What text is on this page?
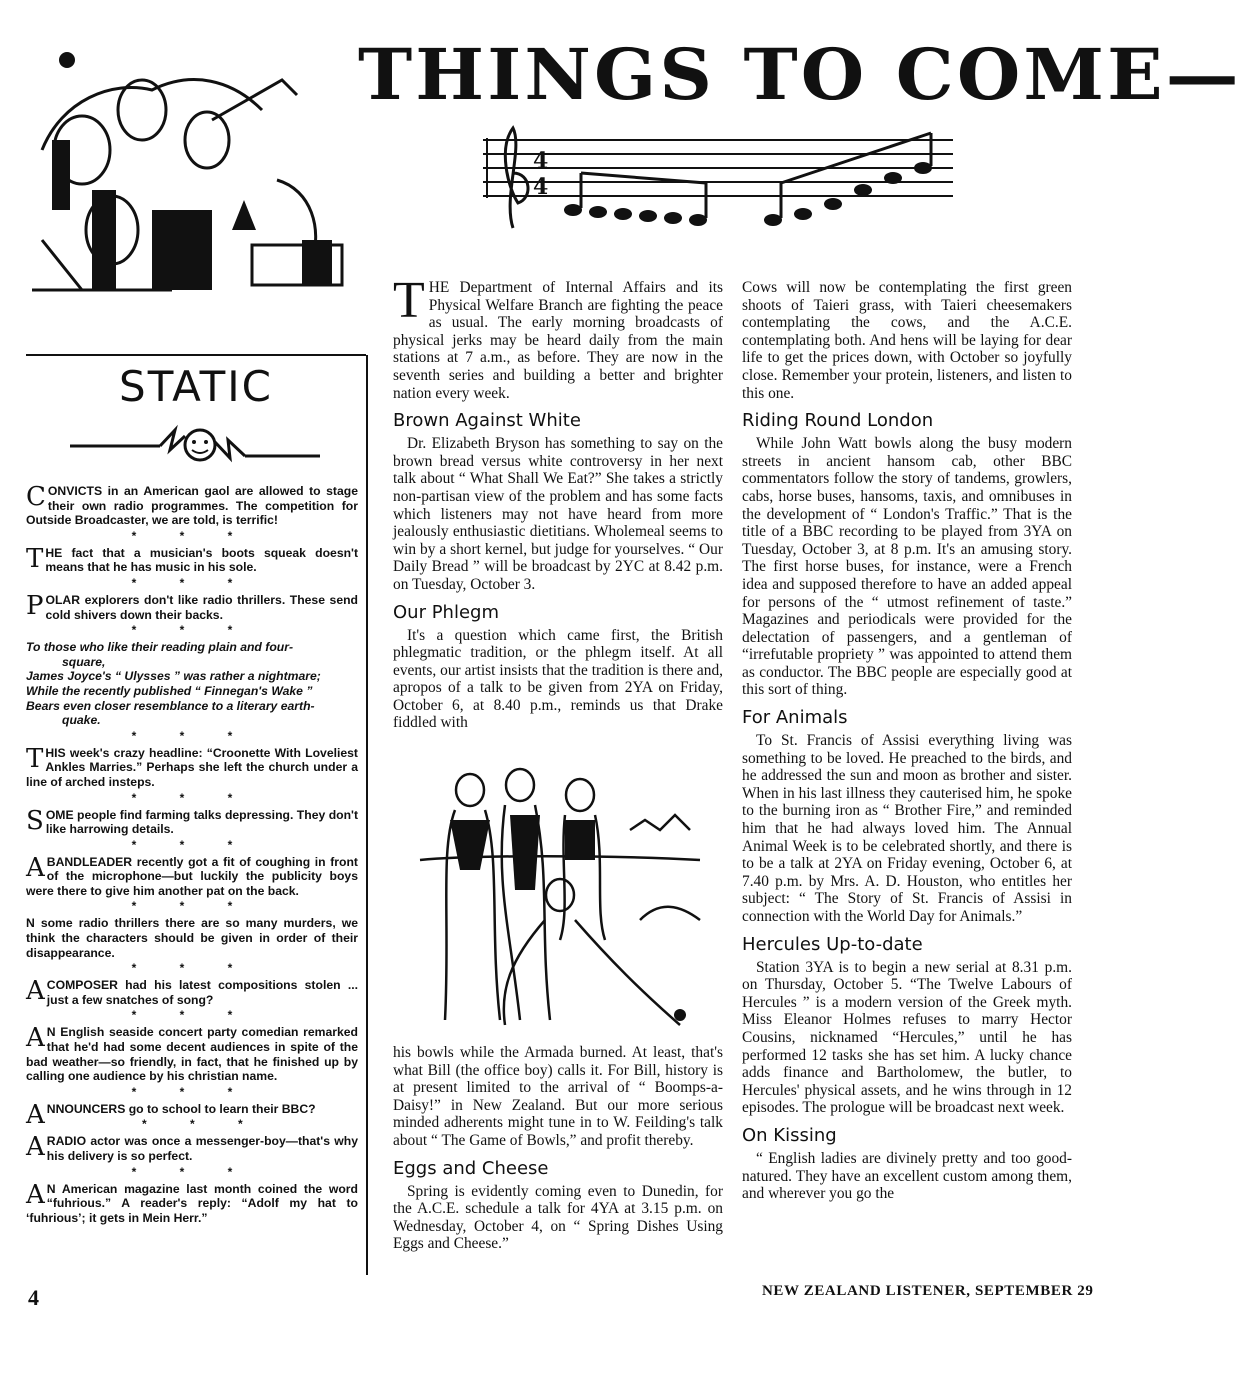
THINGS TO COME—
4
4
STATIC
CONVICTS in an American gaol are allowed to stage their own radio programmes. The competition for Outside Broadcaster, we are told, is terrific!
* * *
THE fact that a musician's boots squeak doesn't means that he has music in his sole.
* * *
POLAR explorers don't like radio thrillers. These send cold shivers down their backs.
* * *
To those who like their reading plain and four-
square,
James Joyce's “ Ulysses ” was rather a nightmare;
While the recently published “ Finnegan's Wake ”
Bears even closer resemblance to a literary earth-
quake.
* * *
THIS week's crazy headline: “Croonette With Loveliest Ankles Marries.” Perhaps she left the church under a line of arched insteps.
* * *
SOME people find farming talks depressing. They don't like harrowing details.
* * *
A BANDLEADER recently got a fit of coughing in front of the microphone—but luckily the publicity boys were there to give him another pat on the back.
* * *
N some radio thrillers there are so many murders, we think the characters should be given in order of their disappearance.
* * *
A COMPOSER had his latest compositions stolen ... just a few snatches of song?
* * *
A N English seaside concert party comedian remarked that he'd had some decent audiences in spite of the bad weather—so friendly, in fact, that he finished up by calling one audience by his christian name.
* * *
ANNOUNCERS go to school to learn their BBC?
* * *
A RADIO actor was once a messenger-boy—that's why his delivery is so perfect.
* * *
A N American magazine last month coined the word “fuhrious.” A reader's reply: “Adolf my hat to ‘fuhrious’; it gets in Mein Herr.”

THE Department of Internal Affairs and its Physical Welfare Branch are fighting the peace as usual. The early morning broadcasts of physical jerks may be heard daily from the main stations at 7 a.m., as before. They are now in the seventh series and building a better and brighter nation every week.

Brown Against White

Dr. Elizabeth Bryson has something to say on the brown bread versus white controversy in her next talk about “ What Shall We Eat?” She takes a strictly non-partisan view of the problem and has some facts which listeners may not have heard from more jealously enthusiastic dietitians. Wholemeal seems to win by a short kernel, but judge for yourselves. “ Our Daily Bread ” will be broadcast by 2YC at 8.42 p.m. on Tuesday, October 3.

Our Phlegm

It's a question which came first, the British phlegmatic tradition, or the phlegm itself. At all events, our artist insists that the tradition is there and, apropos of a talk to be given from 2YA on Friday, October 6, at 8.40 p.m., reminds us that Drake fiddled with

his bowls while the Armada burned. At least, that's what Bill (the office boy) calls it. For Bill, history is at present limited to the arrival of “ Boomps-a-Daisy!” in New Zealand. But our more serious minded adherents might tune in to W. Feilding's talk about “ The Game of Bowls,” and profit thereby.

Eggs and Cheese

Spring is evidently coming even to Dunedin, for the A.C.E. schedule a talk for 4YA at 3.15 p.m. on Wednesday, October 4, on “ Spring Dishes Using Eggs and Cheese.”

Cows will now be contemplating the first green shoots of Taieri grass, with Taieri cheesemakers contemplating the cows, and the A.C.E. contemplating both. And hens will be laying for dear life to get the prices down, with October so joyfully close. Remember your protein, listeners, and listen to this one.

Riding Round London

While John Watt bowls along the busy modern streets in ancient hansom cab, other BBC commentators follow the story of tandems, growlers, cabs, horse buses, hansoms, taxis, and omnibuses in the development of “ London's Traffic.” That is the title of a BBC recording to be played from 3YA on Tuesday, October 3, at 8 p.m. It's an amusing story. The first horse buses, for instance, were a French idea and supposed therefore to have an added appeal for persons of the “ utmost refinement of taste.” Magazines and periodicals were provided for the delectation of passengers, and a gentleman of “irrefutable propriety ” was appointed to attend them as conductor. The BBC people are especially good at this sort of thing.

For Animals

To St. Francis of Assisi everything living was something to be loved. He preached to the birds, and he addressed the sun and moon as brother and sister. When in his last illness they cauterised him, he spoke to the burning iron as “ Brother Fire,” and reminded him that he had always loved him. The Annual Animal Week is to be celebrated shortly, and there is to be a talk at 2YA on Friday evening, October 6, at 7.40 p.m. by Mrs. A. D. Houston, who entitles her subject: “ The Story of St. Francis of Assisi in connection with the World Day for Animals.”

Hercules Up-to-date

Station 3YA is to begin a new serial at 8.31 p.m. on Thursday, October 5. “The Twelve Labours of Hercules ” is a modern version of the Greek myth. Miss Eleanor Holmes refuses to marry Hector Cousins, nicknamed “Hercules,” until he has performed 12 tasks she has set him. A lucky chance adds finance and Bartholomew, the butler, to Hercules' physical assets, and he wins through in 12 episodes. The prologue will be broadcast next week.

On Kissing

“ English ladies are divinely pretty and too good-natured. They have an excellent custom among them, and wherever you go the

4	NEW ZEALAND LISTENER, SEPTEMBER 29
